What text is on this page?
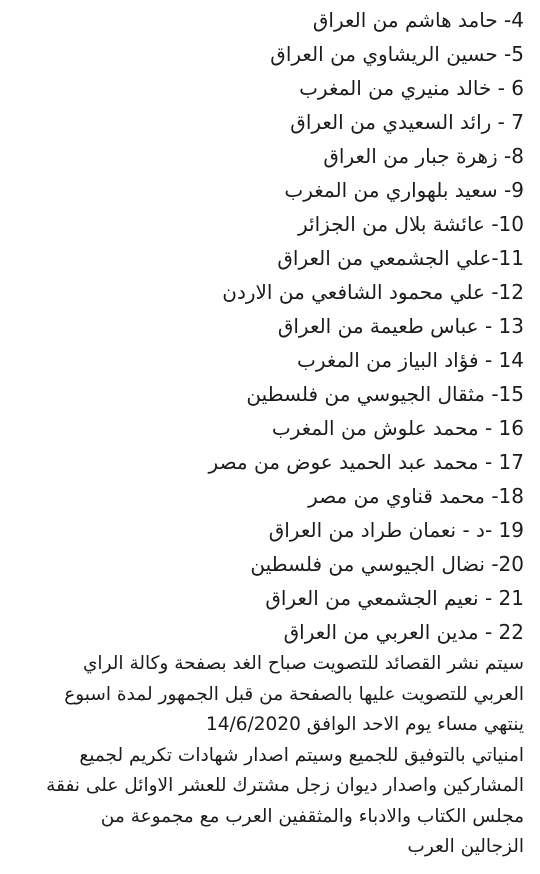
4- حامد هاشم من العراق
5- حسين الريشاوي من العراق
6 - خالد منيري من المغرب
7 - رائد السعيدي من العراق
8- زهرة جبار من العراق
9- سعيد بلهواري من المغرب
10- عائشة بلال من الجزائر
11-علي الجشمعي من العراق
12- علي محمود الشافعي من الاردن
13 - عباس طعيمة من العراق
14 - فؤاد البياز من المغرب
15- مثقال الجيوسي من فلسطين
16 - محمد علوش من المغرب
17 - محمد عبد الحميد عوض من مصر
18- محمد قناوي من مصر
19 -د - نعمان طراد من العراق
20- نضال الجيوسي من فلسطين
21 - نعيم الجشمعي من العراق
22 - مدين العربي من العراق
سيتم نشر القصائد للتصويت صباح الغد بصفحة وكالة الراي
العربي للتصويت عليها بالصفحة من قبل الجمهور لمدة اسبوع
ينتهي مساء يوم الاحد الوافق 14/6/2020
امنياتي بالتوفيق للجميع وسيتم اصدار شهادات تكريم لجميع
المشاركين واصدار ديوان زجل مشترك للعشر الاوائل على نفقة
مجلس الكتاب والادباء والمثقفين العرب مع مجموعة من
الزجالين العرب
